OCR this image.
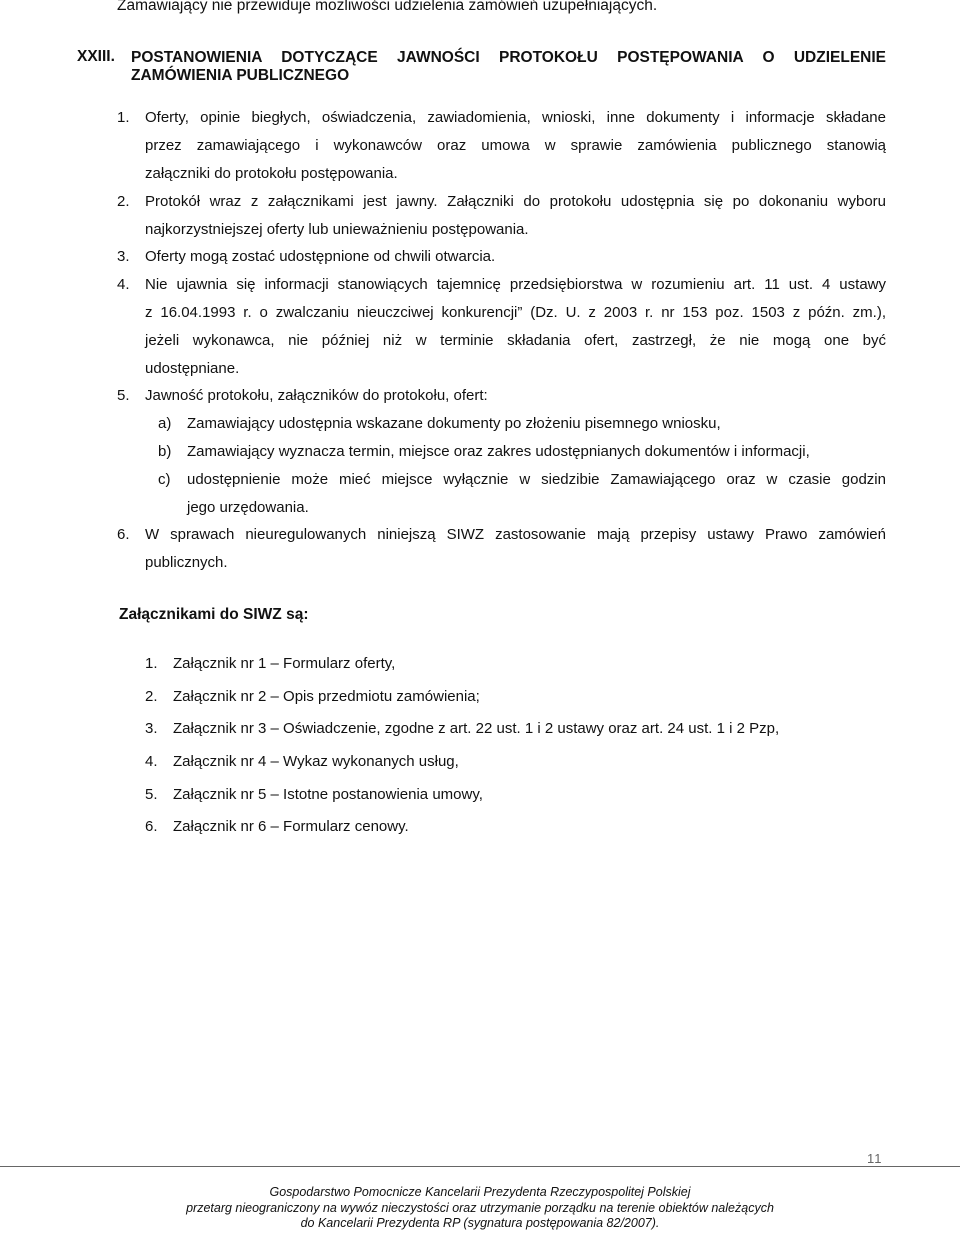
Zamawiający nie przewiduje możliwości udzielenia zamówień uzupełniających.
XXIII. POSTANOWIENIA DOTYCZĄCE JAWNOŚCI PROTOKOŁU POSTĘPOWANIA O UDZIELENIE
ZAMÓWIENIA PUBLICZNEGO
1.	Oferty, opinie biegłych, oświadczenia, zawiadomienia, wnioski, inne dokumenty i informacje składane
przez zamawiającego i wykonawców oraz umowa w sprawie zamówienia publicznego stanowią
załączniki do protokołu postępowania.
2.	Protokół wraz z załącznikami jest jawny. Załączniki do protokołu udostępnia się po dokonaniu wyboru
najkorzystniejszej oferty lub unieważnieniu postępowania.
3.	Oferty mogą zostać udostępnione od chwili otwarcia.
4.	Nie ujawnia się informacji stanowiących tajemnicę przedsiębiorstwa w rozumieniu art. 11 ust. 4 ustawy
z 16.04.1993 r. o zwalczaniu nieuczciwej konkurencji” (Dz. U. z 2003 r. nr 153 poz. 1503 z późn. zm.),
jeżeli wykonawca, nie później niż w terminie składania ofert, zastrzegł, że nie mogą one być
udostępniane.
5.	Jawność protokołu, załączników do protokołu, ofert:
a) Zamawiający udostępnia wskazane dokumenty po złożeniu pisemnego wniosku,
b) Zamawiający wyznacza termin, miejsce oraz zakres udostępnianych dokumentów i informacji,
c) udostępnienie może mieć miejsce wyłącznie w siedzibie Zamawiającego oraz w czasie godzin
jego urzędowania.
6.	W sprawach nieuregulowanych niniejszą SIWZ zastosowanie mają przepisy ustawy Prawo zamówień
publicznych.
Załącznikami do SIWZ są:
1. Załącznik nr 1 – Formularz oferty,
2. Załącznik nr 2 – Opis przedmiotu zamówienia;
3. Załącznik nr 3 – Oświadczenie, zgodne z art. 22 ust. 1 i 2 ustawy oraz art. 24 ust. 1 i 2 Pzp,
4. Załącznik nr 4 – Wykaz wykonanych usług,
5. Załącznik nr 5 – Istotne postanowienia umowy,
6. Załącznik nr 6 – Formularz cenowy.
11
Gospodarstwo Pomocnicze Kancelarii Prezydenta Rzeczypospolitej Polskiej
przetarg nieograniczony na wywóz nieczystości oraz utrzymanie porządku na terenie obiektów należących
do Kancelarii Prezydenta RP (sygnatura postępowania 82/2007).
